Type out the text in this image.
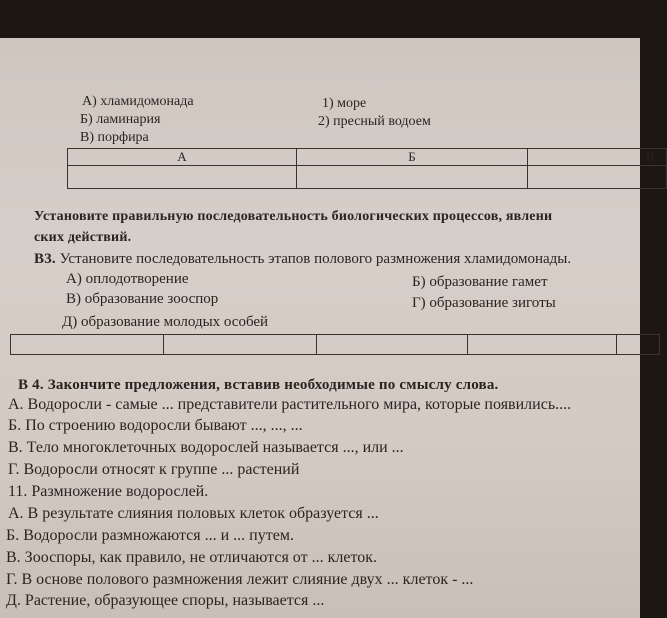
А) хламидомонада
Б) ламинария
В) порфира
1) море
2) пресный водоем
А	Б	В

Установите правильную последовательность биологических процессов, явлени
ских действий.
В3. Установите последовательность этапов полового размножения хламидомонады.
А) оплодотворение	Б) образование гамет
В) образование зооспор	Г) образование зиготы
Д) образование молодых особей

В 4. Закончите предложения, вставив необходимые по смыслу слова.
А. Водоросли - самые ... представители растительного мира, которые появились....
Б. По строению водоросли бывают ..., ..., ...
В. Тело многоклеточных водорослей называется ..., или ...
Г. Водоросли относят к группе ... растений
11. Размножение водорослей.
А. В результате слияния половых клеток образуется ...
Б. Водоросли размножаются ... и ... путем.
В. Зооспоры, как правило, не отличаются от ... клеток.
Г. В основе полового размножения лежит слияние двух ... клеток - ...
Д. Растение, образующее споры, называется ...
